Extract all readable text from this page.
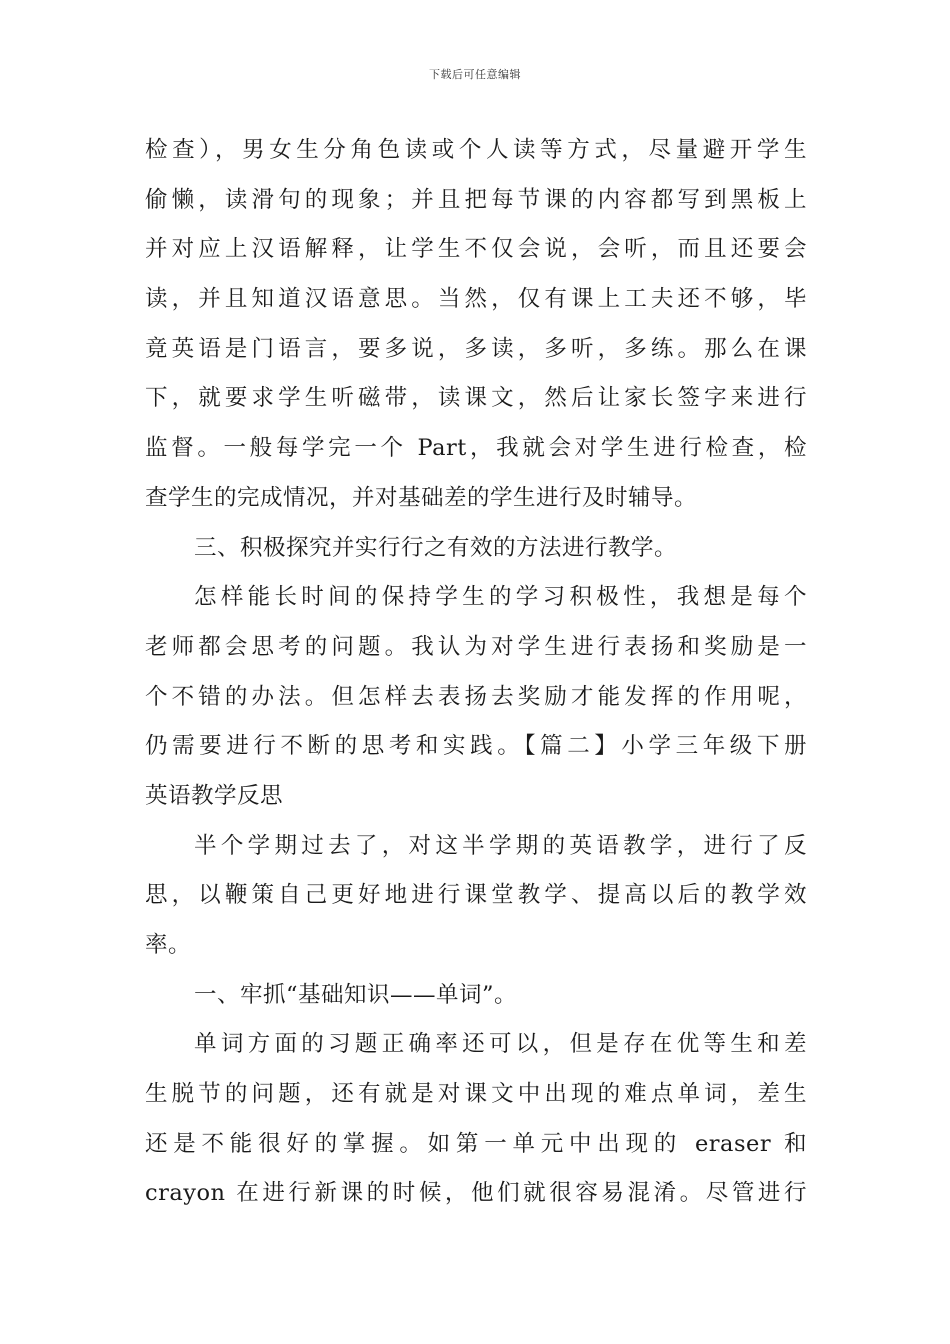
下载后可任意编辑
检查），男女生分角色读或个人读等方式，尽量避开学生
偷懒，读滑句的现象；并且把每节课的内容都写到黑板上
并对应上汉语解释，让学生不仅会说，会听，而且还要会
读，并且知道汉语意思。当然，仅有课上工夫还不够，毕
竟英语是门语言，要多说，多读，多听，多练。那么在课
下，就要求学生听磁带，读课文，然后让家长签字来进行
监督。一般每学完一个 Part，我就会对学生进行检查，检
查学生的完成情况，并对基础差的学生进行及时辅导。
三、积极探究并实行行之有效的方法进行教学。
怎样能长时间的保持学生的学习积极性，我想是每个
老师都会思考的问题。我认为对学生进行表扬和奖励是一
个不错的办法。但怎样去表扬去奖励才能发挥的作用呢，
仍需要进行不断的思考和实践。【篇二】小学三年级下册
英语教学反思
半个学期过去了，对这半学期的英语教学，进行了反
思，以鞭策自己更好地进行课堂教学、提高以后的教学效
率。
一、牢抓“基础知识——单词”。
单词方面的习题正确率还可以，但是存在优等生和差
生脱节的问题，还有就是对课文中出现的难点单词，差生
还是不能很好的掌握。如第一单元中出现的 eraser 和
crayon 在进行新课的时候，他们就很容易混淆。尽管进行
